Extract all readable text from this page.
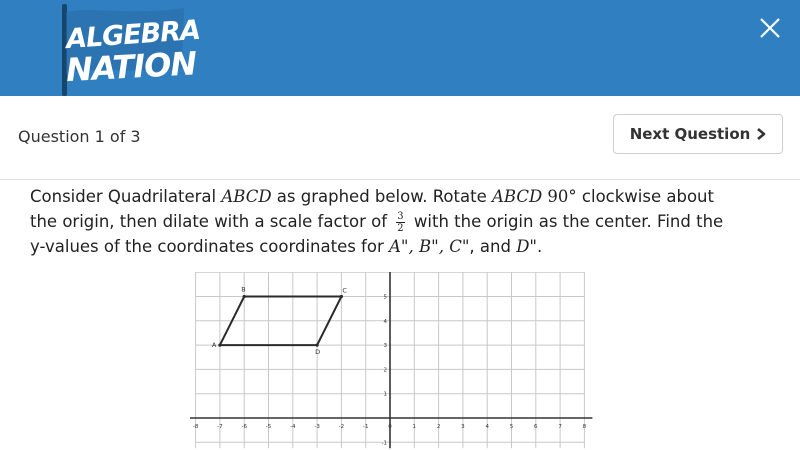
ALGEBRA
NATION
Question 1 of 3	Next Question
Consider Quadrilateral ABCD as graphed below. Rotate ABCD 90° clockwise about
the origin, then dilate with a scale factor of $\frac{3}{2}$ with the origin as the center. Find the
y-values of the coordinates coordinates for A", B", C", and D".
-8	-7	-6	-5	-4	-3	-2	-1	0	1	2	3	4	5	6	7	8
5
4
3
2
1
-1
A
B	C
D
